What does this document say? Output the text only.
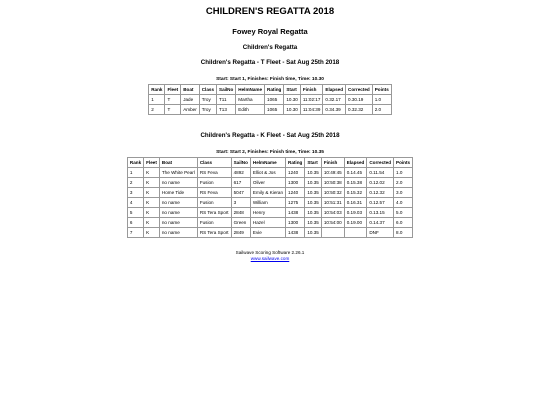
CHILDREN'S REGATTA 2018
Fowey Royal Regatta
Children's Regatta
Children's Regatta - T Fleet - Sat Aug 25th 2018
Start: Start 1, Finishes: Finish time, Time: 10.30
Rank	Fleet	Boat	Class	SailNo	HelmName	Rating	Start	Finish	Elapsed	Corrected	Points
1	T	Jade	Troy	T11	Martha	1065	10.30	11:02:17	0.32.17	0.30.19	1.0
2	T	Amber	Troy	T13	Edith	1065	10.30	11:04:39	0.34.39	0.32.32	2.0
Children's Regatta - K Fleet - Sat Aug 25th 2018
Start: Start 2, Finishes: Finish time, Time: 10.35
Rank	Fleet	Boat	Class	SailNo	HelmName	Rating	Start	Finish	Elapsed	Corrected	Points
1	K	The White Pearl	RS Feva	4892	Elliot & Jos	1240	10.35	10:49:45	0.14.45	0.11.54	1.0
2	K	no name	Fusion	617	Oliver	1300	10.35	10:50:38	0.15.38	0.12.02	2.0
3	K	Home Tide	RS Feva	5047	Emily & Kieran	1240	10.35	10:50:32	0.15.32	0.12.32	3.0
4	K	no name	Fusion	3	William	1275	10.35	10:51:31	0.16.31	0.12.57	4.0
5	K	no name	RS Tera Sport	2848	Henry	1438	10.35	10:54:03	0.19.03	0.13.15	5.0
6	K	no name	Fusion	Green	Hazel	1300	10.35	10:54:00	0.19.00	0.14.37	6.0
7	K	no name	RS Tera Sport	2849	Evie	1438	10.35			DNF	8.0
Sailwave Scoring Software 2.26.1
www.sailwave.com
